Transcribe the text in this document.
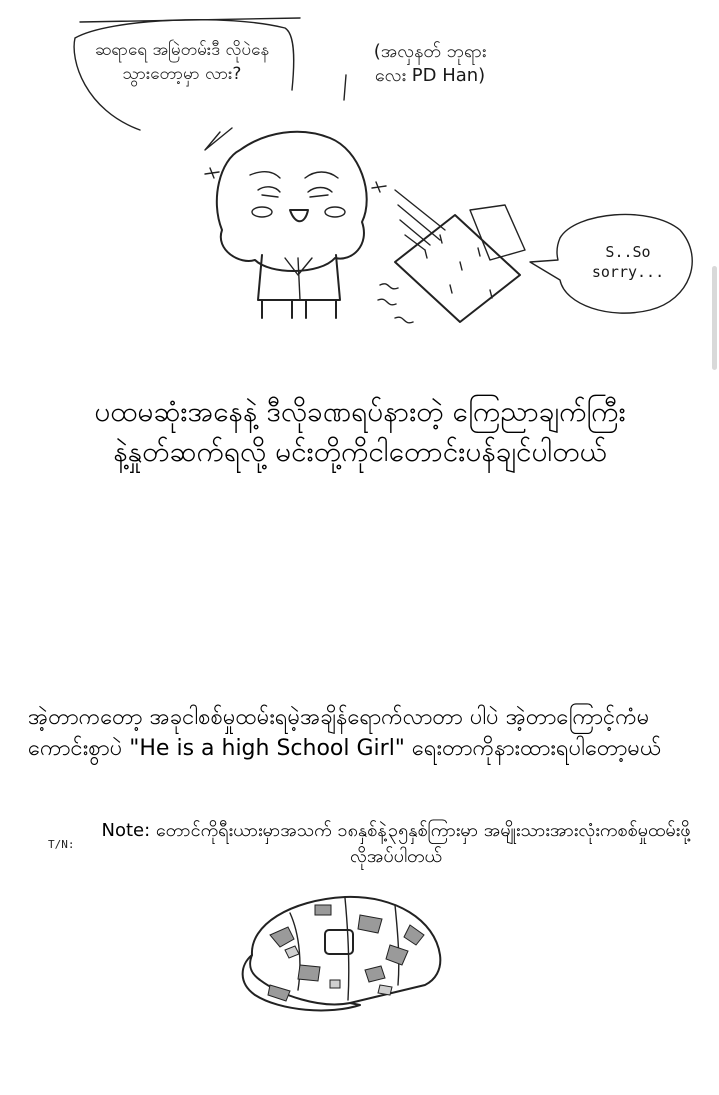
ဆရာရေ အမြဲတမ်းဒီ လိုပဲနေသွားတော့မှာ လား?
(အလှနတ် ဘုရားလေး PD Han)
S..So sorry...
ပထမဆုံးအနေနဲ့ ဒီလိုခဏရပ်နားတဲ့ ကြေညာချက်ကြီးနဲ့နှုတ်ဆက်ရလို့ မင်းတို့ကိုငါတောင်းပန်ချင်ပါတယ်
အဲ့တာကတော့ အခုငါစစ်မှုထမ်းရမဲ့အချိန်ရောက်လာတာ ပါပဲ အဲ့တာကြောင့်ကံမကောင်းစွာပဲ "He is a high School Girl" ရေးတာကိုနားထားရပါတော့မယ်
T/N:
Note: တောင်ကိုရီးယားမှာအသက် ၁၈နှစ်နဲ့၃၅နှစ်ကြားမှာ အမျိုးသားအားလုံးကစစ်မှုထမ်းဖို့လိုအပ်ပါတယ်
